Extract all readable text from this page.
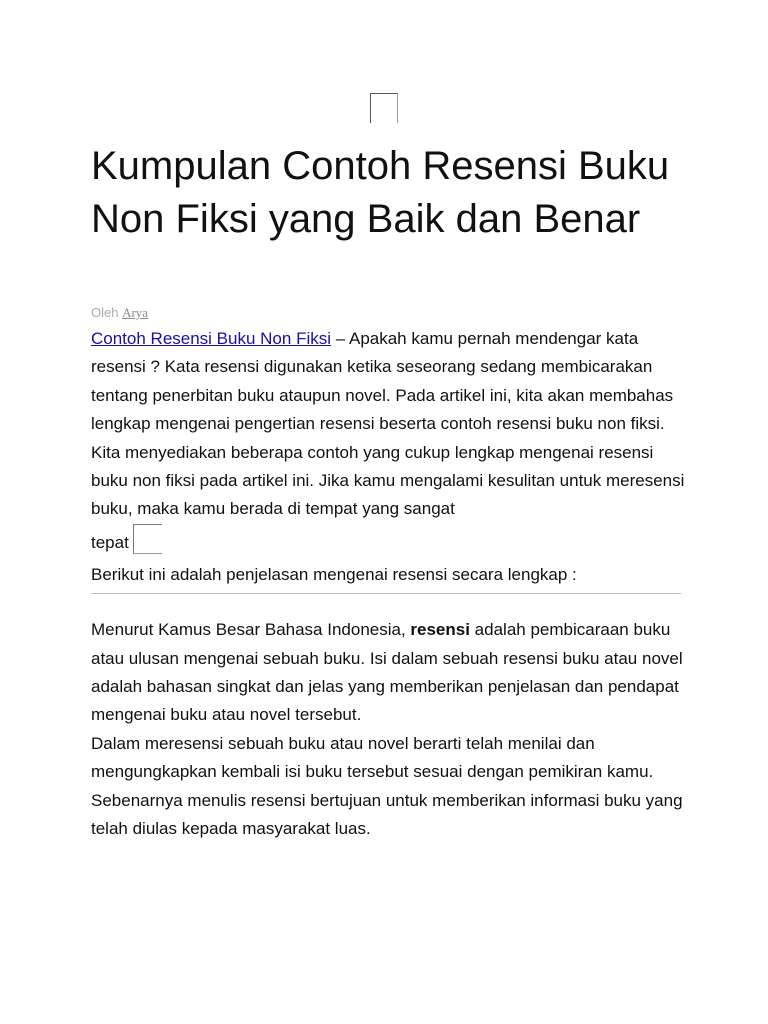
Kumpulan Contoh Resensi Buku Non Fiksi yang Baik dan Benar
Oleh Arya

Contoh Resensi Buku Non Fiksi – Apakah kamu pernah mendengar kata resensi ? Kata resensi digunakan ketika seseorang sedang membicarakan tentang penerbitan buku ataupun novel. Pada artikel ini, kita akan membahas lengkap mengenai pengertian resensi beserta contoh resensi buku non fiksi.

Kita menyediakan beberapa contoh yang cukup lengkap mengenai resensi buku non fiksi pada artikel ini. Jika kamu mengalami kesulitan untuk meresensi buku, maka kamu berada di tempat yang sangat

tepat

Berikut ini adalah penjelasan mengenai resensi secara lengkap :

Menurut Kamus Besar Bahasa Indonesia, resensi adalah pembicaraan buku atau ulusan mengenai sebuah buku. Isi dalam sebuah resensi buku atau novel adalah bahasan singkat dan jelas yang memberikan penjelasan dan pendapat mengenai buku atau novel tersebut.

Dalam meresensi sebuah buku atau novel berarti telah menilai dan mengungkapkan kembali isi buku tersebut sesuai dengan pemikiran kamu. Sebenarnya menulis resensi bertujuan untuk memberikan informasi buku yang telah diulas kepada masyarakat luas.
